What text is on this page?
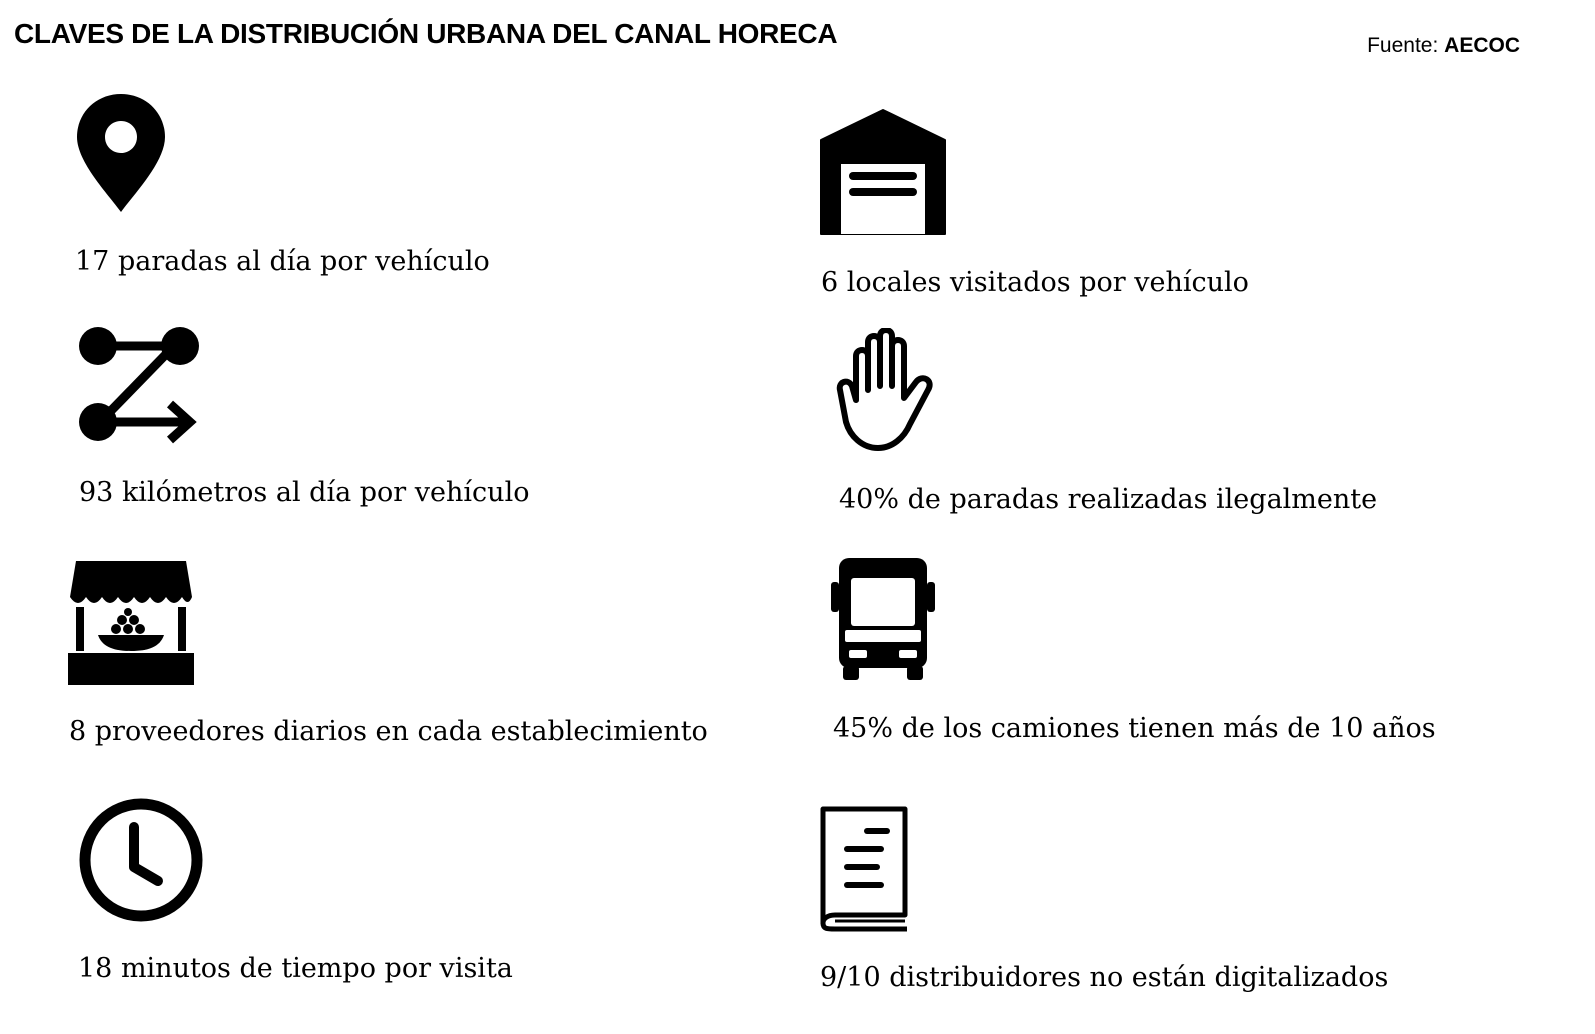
CLAVES DE LA DISTRIBUCIÓN URBANA DEL CANAL HORECA	Fuente: AECOC
17 paradas al día por vehículo
6 locales visitados por vehículo
93 kilómetros al día por vehículo	40% de paradas realizadas ilegalmente
8 proveedores diarios en cada establecimiento	45% de los camiones tienen más de 10 años
18 minutos de tiempo por visita	9/10 distribuidores no están digitalizados
